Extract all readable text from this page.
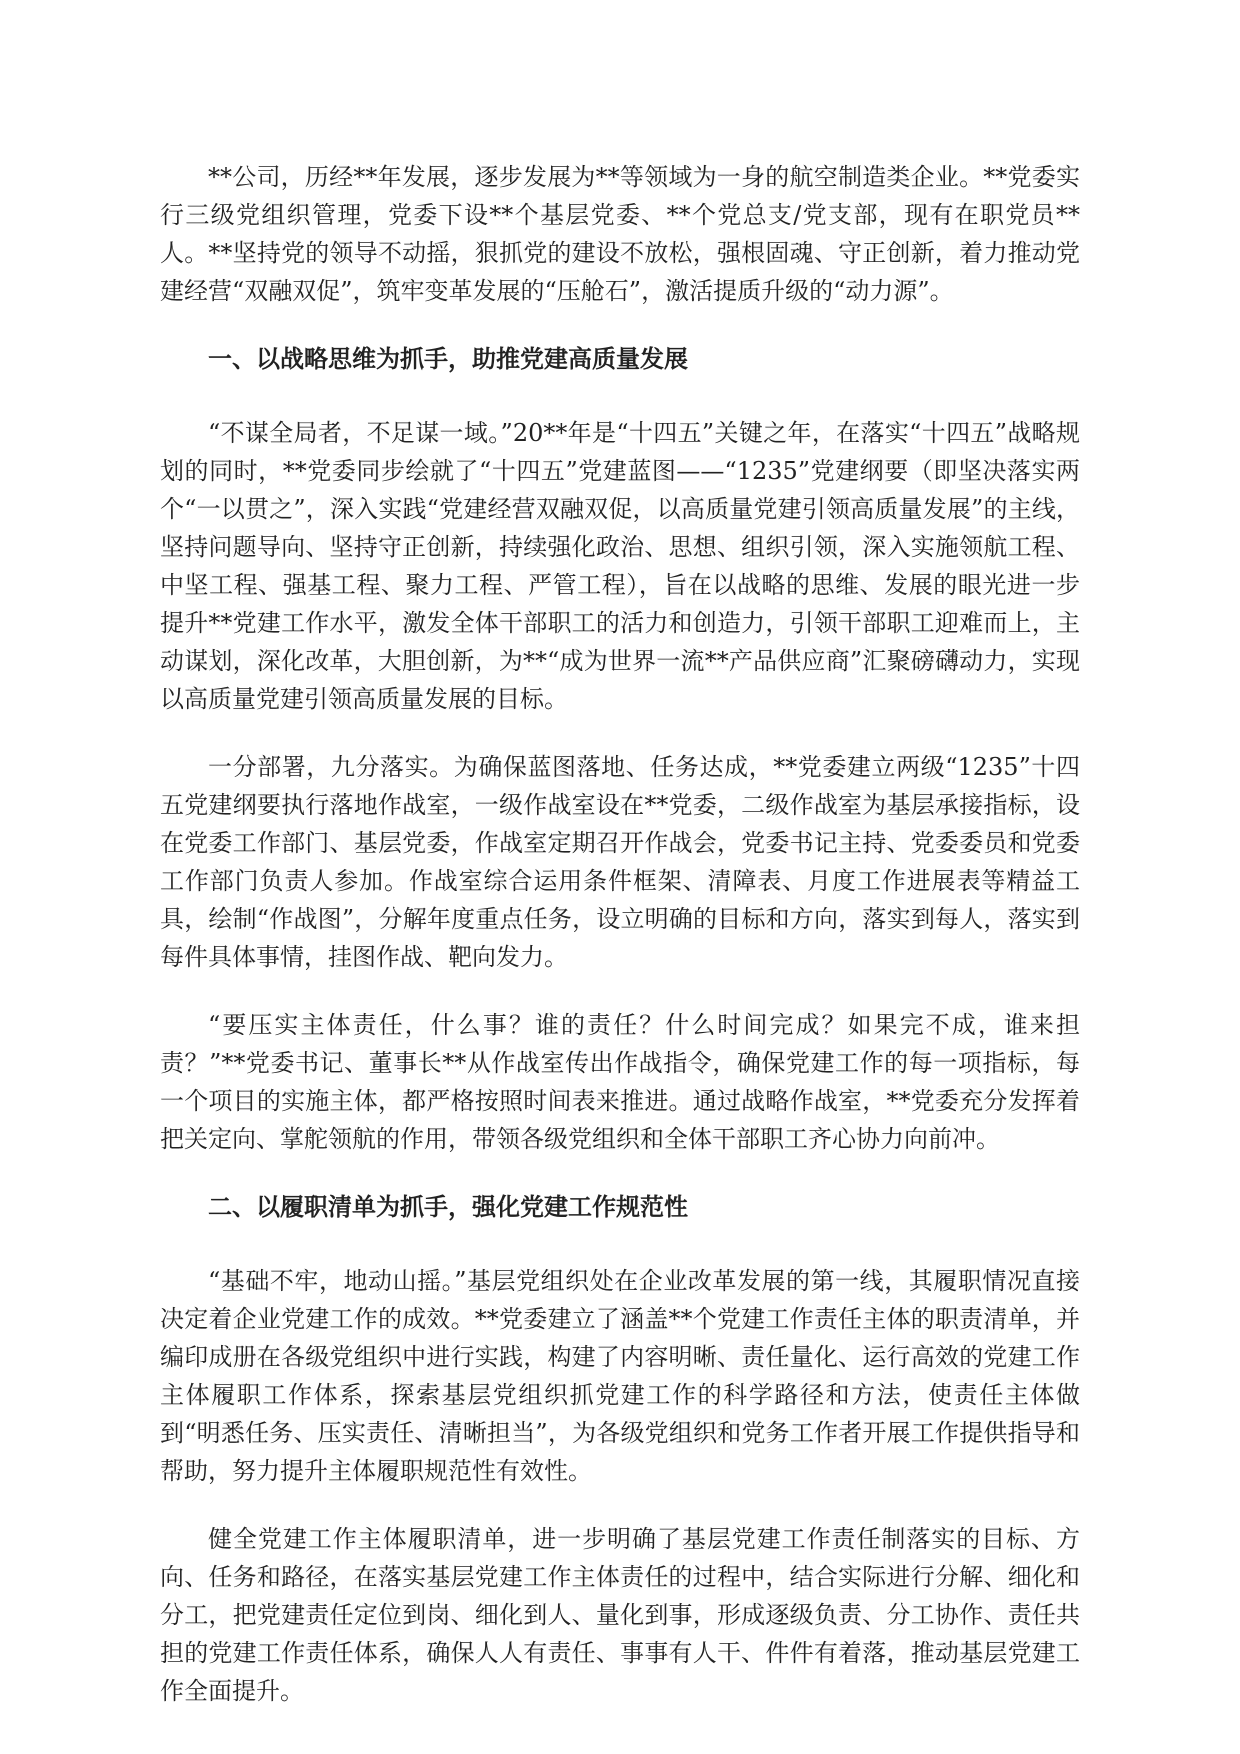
**公司，历经**年发展，逐步发展为**等领域为一身的航空制造类企业。**党委实行三级党组织管理，党委下设**个基层党委、**个党总支/党支部，现有在职党员**人。**坚持党的领导不动摇，狠抓党的建设不放松，强根固魂、守正创新，着力推动党建经营“双融双促”，筑牢变革发展的“压舱石”，激活提质升级的“动力源”。

一、以战略思维为抓手，助推党建高质量发展

“不谋全局者，不足谋一域。”20**年是“十四五”关键之年，在落实“十四五”战略规划的同时，**党委同步绘就了“十四五”党建蓝图——“1235”党建纲要（即坚决落实两个“一以贯之”，深入实践“党建经营双融双促，以高质量党建引领高质量发展”的主线，坚持问题导向、坚持守正创新，持续强化政治、思想、组织引领，深入实施领航工程、中坚工程、强基工程、聚力工程、严管工程），旨在以战略的思维、发展的眼光进一步提升**党建工作水平，激发全体干部职工的活力和创造力，引领干部职工迎难而上，主动谋划，深化改革，大胆创新，为**“成为世界一流**产品供应商”汇聚磅礴动力，实现以高质量党建引领高质量发展的目标。

一分部署，九分落实。为确保蓝图落地、任务达成，**党委建立两级“1235”十四五党建纲要执行落地作战室，一级作战室设在**党委，二级作战室为基层承接指标，设在党委工作部门、基层党委，作战室定期召开作战会，党委书记主持、党委委员和党委工作部门负责人参加。作战室综合运用条件框架、清障表、月度工作进展表等精益工具，绘制“作战图”，分解年度重点任务，设立明确的目标和方向，落实到每人，落实到每件具体事情，挂图作战、靶向发力。

“要压实主体责任，什么事？谁的责任？什么时间完成？如果完不成，谁来担责？”**党委书记、董事长**从作战室传出作战指令，确保党建工作的每一项指标，每一个项目的实施主体，都严格按照时间表来推进。通过战略作战室，**党委充分发挥着把关定向、掌舵领航的作用，带领各级党组织和全体干部职工齐心协力向前冲。

二、以履职清单为抓手，强化党建工作规范性

“基础不牢，地动山摇。”基层党组织处在企业改革发展的第一线，其履职情况直接决定着企业党建工作的成效。**党委建立了涵盖**个党建工作责任主体的职责清单，并编印成册在各级党组织中进行实践，构建了内容明晰、责任量化、运行高效的党建工作主体履职工作体系，探索基层党组织抓党建工作的科学路径和方法，使责任主体做到“明悉任务、压实责任、清晰担当”，为各级党组织和党务工作者开展工作提供指导和帮助，努力提升主体履职规范性有效性。

健全党建工作主体履职清单，进一步明确了基层党建工作责任制落实的目标、方向、任务和路径，在落实基层党建工作主体责任的过程中，结合实际进行分解、细化和分工，把党建责任定位到岗、细化到人、量化到事，形成逐级负责、分工协作、责任共担的党建工作责任体系，确保人人有责任、事事有人干、件件有着落，推动基层党建工作全面提升。
